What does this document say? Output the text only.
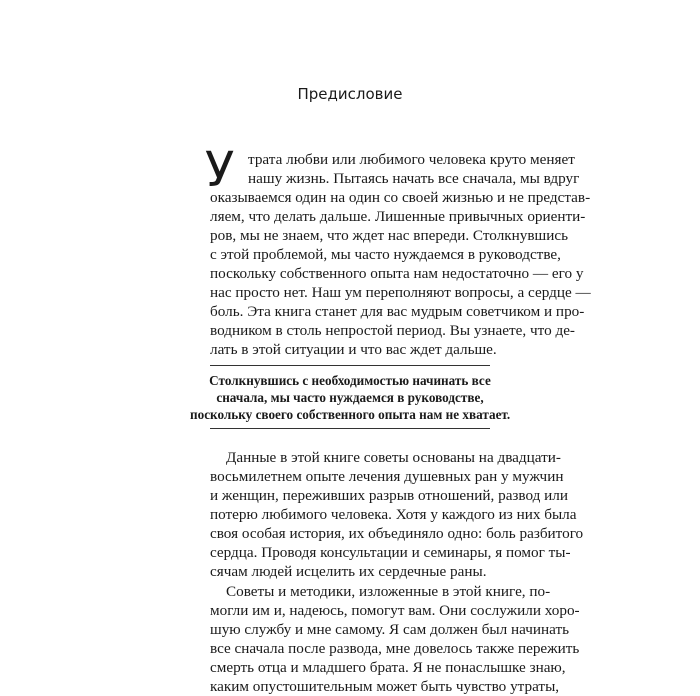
Предисловие
У трата любви или любимого человека круто меняет
нашу жизнь. Пытаясь начать все сначала, мы вдруг
оказываемся один на один со своей жизнью и не представ-
ляем, что делать дальше. Лишенные привычных ориенти-
ров, мы не знаем, что ждет нас впереди. Столкнувшись
с этой проблемой, мы часто нуждаемся в руководстве,
поскольку собственного опыта нам недостаточно — его у
нас просто нет. Наш ум переполняют вопросы, а сердце —
боль. Эта книга станет для вас мудрым советчиком и про-
водником в столь непростой период. Вы узнаете, что де-
лать в этой ситуации и что вас ждет дальше.
Столкнувшись с необходимостью начинать все
сначала, мы часто нуждаемся в руководстве,
поскольку своего собственного опыта нам не хватает.
Данные в этой книге советы основаны на двадцати-
восьмилетнем опыте лечения душевных ран у мужчин
и женщин, переживших разрыв отношений, развод или
потерю любимого человека. Хотя у каждого из них была
своя особая история, их объединяло одно: боль разбитого
сердца. Проводя консультации и семинары, я помог ты-
сячам людей исцелить их сердечные раны.
Советы и методики, изложенные в этой книге, по-
могли им и, надеюсь, помогут вам. Они сослужили хоро-
шую службу и мне самому. Я сам должен был начинать
все сначала после развода, мне довелось также пережить
смерть отца и младшего брата. Я не понаслышке знаю,
каким опустошительным может быть чувство утраты,
